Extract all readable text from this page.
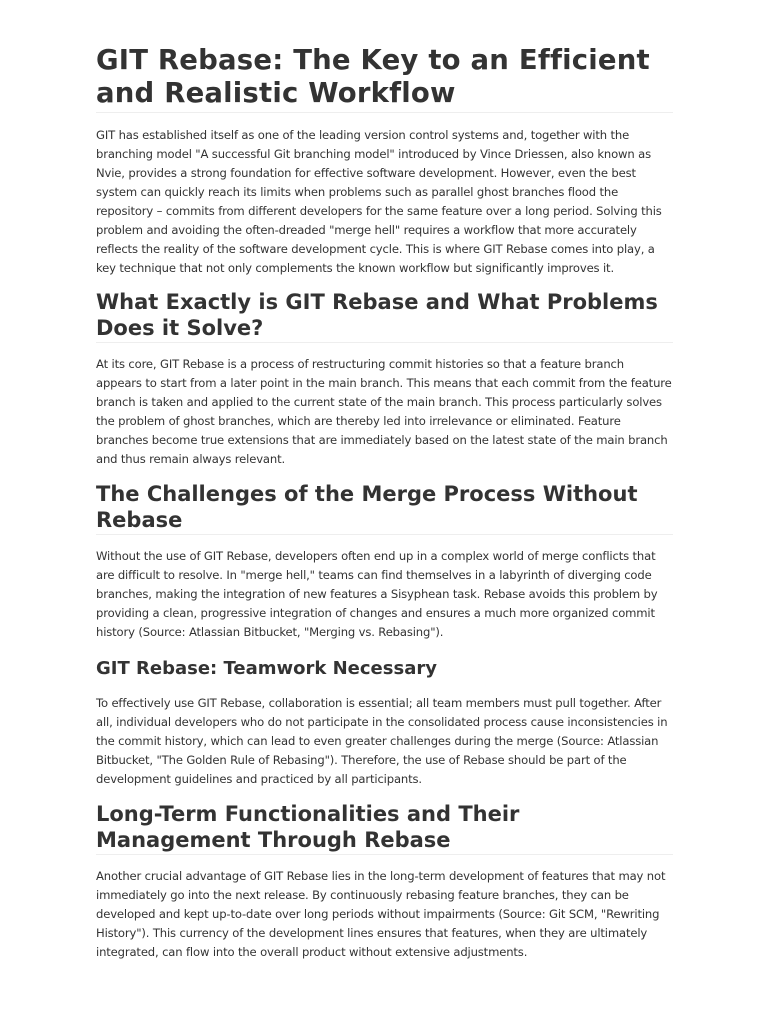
GIT Rebase: The Key to an Efficient and Realistic Workflow

GIT has established itself as one of the leading version control systems and, together with the branching model "A successful Git branching model" introduced by Vince Driessen, also known as Nvie, provides a strong foundation for effective software development. However, even the best system can quickly reach its limits when problems such as parallel ghost branches flood the repository – commits from different developers for the same feature over a long period. Solving this problem and avoiding the often-dreaded "merge hell" requires a workflow that more accurately reflects the reality of the software development cycle. This is where GIT Rebase comes into play, a key technique that not only complements the known workflow but significantly improves it.

What Exactly is GIT Rebase and What Problems Does it Solve?

At its core, GIT Rebase is a process of restructuring commit histories so that a feature branch appears to start from a later point in the main branch. This means that each commit from the feature branch is taken and applied to the current state of the main branch. This process particularly solves the problem of ghost branches, which are thereby led into irrelevance or eliminated. Feature branches become true extensions that are immediately based on the latest state of the main branch and thus remain always relevant.

The Challenges of the Merge Process Without Rebase

Without the use of GIT Rebase, developers often end up in a complex world of merge conflicts that are difficult to resolve. In "merge hell," teams can find themselves in a labyrinth of diverging code branches, making the integration of new features a Sisyphean task. Rebase avoids this problem by providing a clean, progressive integration of changes and ensures a much more organized commit history (Source: Atlassian Bitbucket, "Merging vs. Rebasing").

GIT Rebase: Teamwork Necessary

To effectively use GIT Rebase, collaboration is essential; all team members must pull together. After all, individual developers who do not participate in the consolidated process cause inconsistencies in the commit history, which can lead to even greater challenges during the merge (Source: Atlassian Bitbucket, "The Golden Rule of Rebasing"). Therefore, the use of Rebase should be part of the development guidelines and practiced by all participants.

Long-Term Functionalities and Their Management Through Rebase

Another crucial advantage of GIT Rebase lies in the long-term development of features that may not immediately go into the next release. By continuously rebasing feature branches, they can be developed and kept up-to-date over long periods without impairments (Source: Git SCM, "Rewriting History"). This currency of the development lines ensures that features, when they are ultimately integrated, can flow into the overall product without extensive adjustments.
